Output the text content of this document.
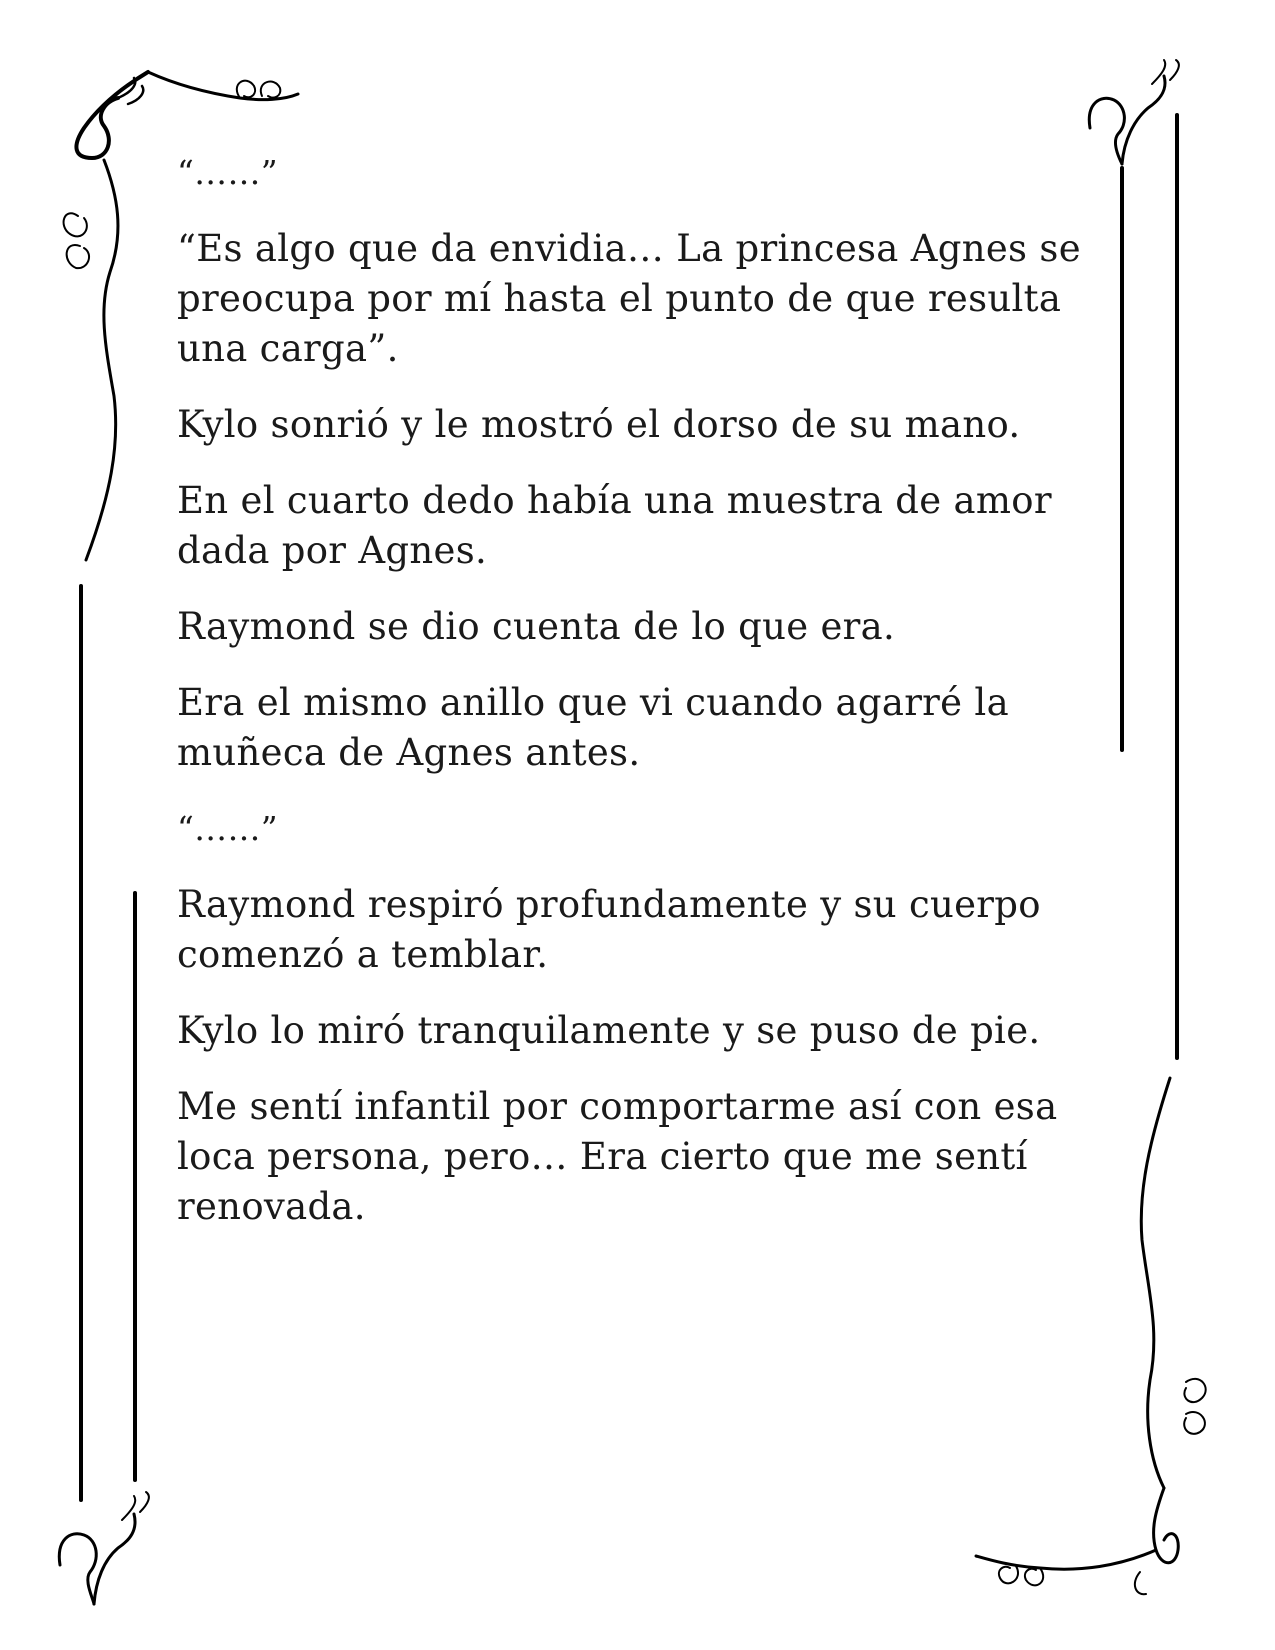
“……”

“Es algo que da envidia… La princesa Agnes se preocupa por mí hasta el punto de que resulta una carga”.

Kylo sonrió y le mostró el dorso de su mano.

En el cuarto dedo había una muestra de amor dada por Agnes.

Raymond se dio cuenta de lo que era.

Era el mismo anillo que vi cuando agarré la muñeca de Agnes antes.

“……”

Raymond respiró profundamente y su cuerpo comenzó a temblar.

Kylo lo miró tranquilamente y se puso de pie.

Me sentí infantil por comportarme así con esa loca persona, pero… Era cierto que me sentí renovada.
